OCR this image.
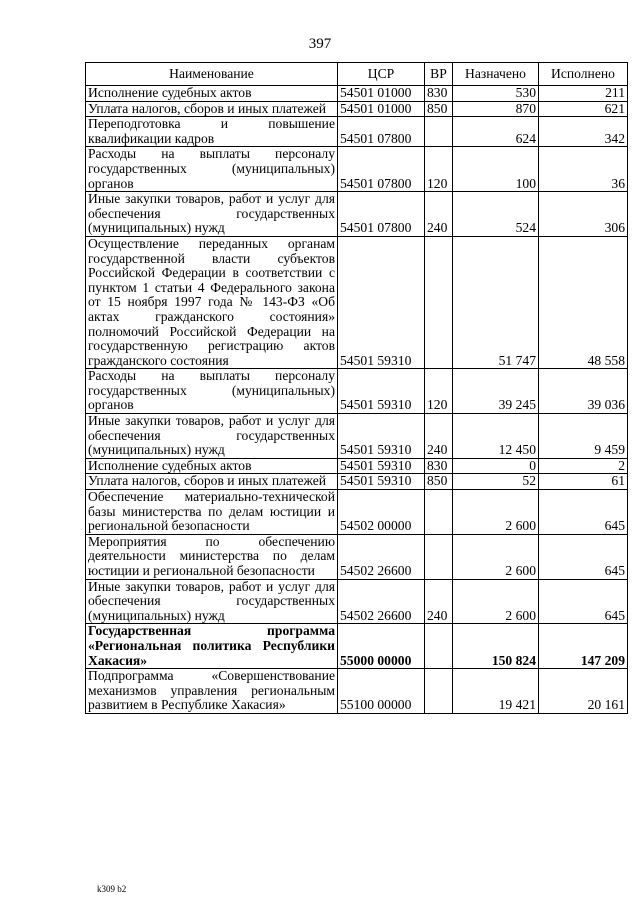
397
Наименование	ЦСР	ВР	Назначено	Исполнено
Исполнение судебных актов	54501 01000	830	530	211
Уплата налогов, сборов и иных платежей	54501 01000	850	870	621
Переподготовка и повышение квалификации кадров	54501 07800		624	342
Расходы на выплаты персоналу государственных (муниципальных) органов	54501 07800	120	100	36
Иные закупки товаров, работ и услуг для обеспечения государственных (муниципальных) нужд	54501 07800	240	524	306
Осуществление переданных органам государственной власти субъектов Российской Федерации в соответствии с пунктом 1 статьи 4 Федерального закона от 15 ноября 1997 года № 143-ФЗ «Об актах гражданского состояния» полномочий Российской Федерации на государственную регистрацию актов гражданского состояния	54501 59310		51 747	48 558
Расходы на выплаты персоналу государственных (муниципальных) органов	54501 59310	120	39 245	39 036
Иные закупки товаров, работ и услуг для обеспечения государственных (муниципальных) нужд	54501 59310	240	12 450	9 459
Исполнение судебных актов	54501 59310	830	0	2
Уплата налогов, сборов и иных платежей	54501 59310	850	52	61
Обеспечение материально-технической базы министерства по делам юстиции и региональной безопасности	54502 00000		2 600	645
Мероприятия по обеспечению деятельности министерства по делам юстиции и региональной безопасности	54502 26600		2 600	645
Иные закупки товаров, работ и услуг для обеспечения государственных (муниципальных) нужд	54502 26600	240	2 600	645
Государственная программа «Региональная политика Республики Хакасия»	55000 00000		150 824	147 209
Подпрограмма «Совершенствование механизмов управления региональным развитием в Республике Хакасия»	55100 00000		19 421	20 161
k309 b2
